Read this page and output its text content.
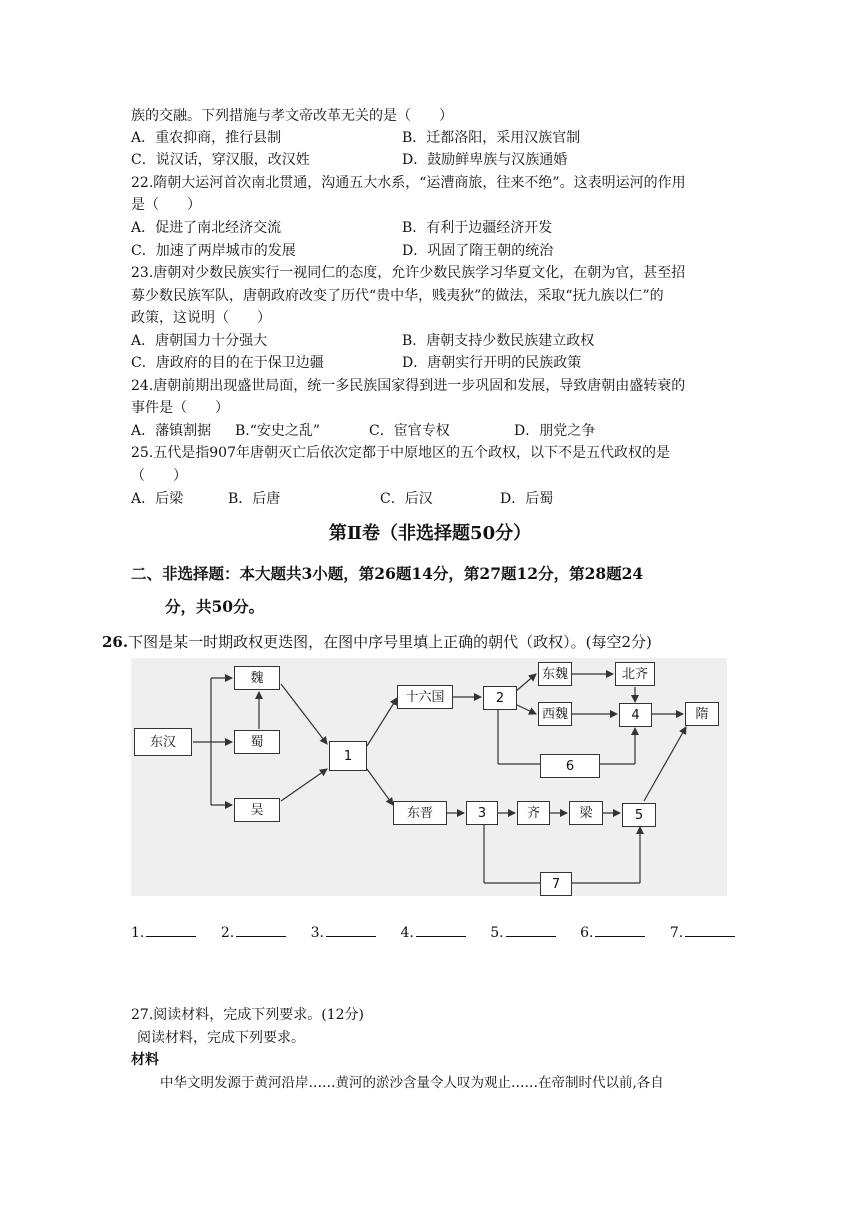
族的交融。下列措施与孝文帝改革无关的是（　　）
A．重农抑商，推行县制	B．迁都洛阳，采用汉族官制
C．说汉话，穿汉服，改汉姓	D．鼓励鲜卑族与汉族通婚
22.隋朝大运河首次南北贯通，沟通五大水系，“运漕商旅，往来不绝”。这表明运河的作用
是（　　）
A．促进了南北经济交流	B．有利于边疆经济开发
C．加速了两岸城市的发展	D．巩固了隋王朝的统治
23.唐朝对少数民族实行一视同仁的态度，允许少数民族学习华夏文化，在朝为官，甚至招
募少数民族军队，唐朝政府改变了历代“贵中华，贱夷狄”的做法，采取“抚九族以仁”的
政策，这说明（　　）
A．唐朝国力十分强大	B．唐朝支持少数民族建立政权
C．唐政府的目的在于保卫边疆	D．唐朝实行开明的民族政策
24.唐朝前期出现盛世局面，统一多民族国家得到进一步巩固和发展，导致唐朝由盛转衰的
事件是（　　）
A．藩镇割据 B.“安史之乱”	C．宦官专权	D．朋党之争
25.五代是指907年唐朝灭亡后依次定都于中原地区的五个政权，以下不是五代政权的是
（　　）
A．后梁	B．后唐	C．后汉	D．后蜀
第Ⅱ卷（非选择题50分）
二、非选择题：本大题共3小题，第26题14分，第27题12分，第28题24
分，共50分。
26.下图是某一时期政权更迭图，在图中序号里填上正确的朝代（政权）。(每空2分)
东汉
魏
蜀
吴
1
十六国
东晋
2
东魏
西魏
北齐
4	隋
6
3	齐	梁	5
7
1.	2.	3.	4.	5.	6.	7.
27.阅读材料，完成下列要求。(12分)
阅读材料，完成下列要求。
材料
中华文明发源于黄河沿岸……黄河的淤沙含量令人叹为观止……在帝制时代以前,各自
